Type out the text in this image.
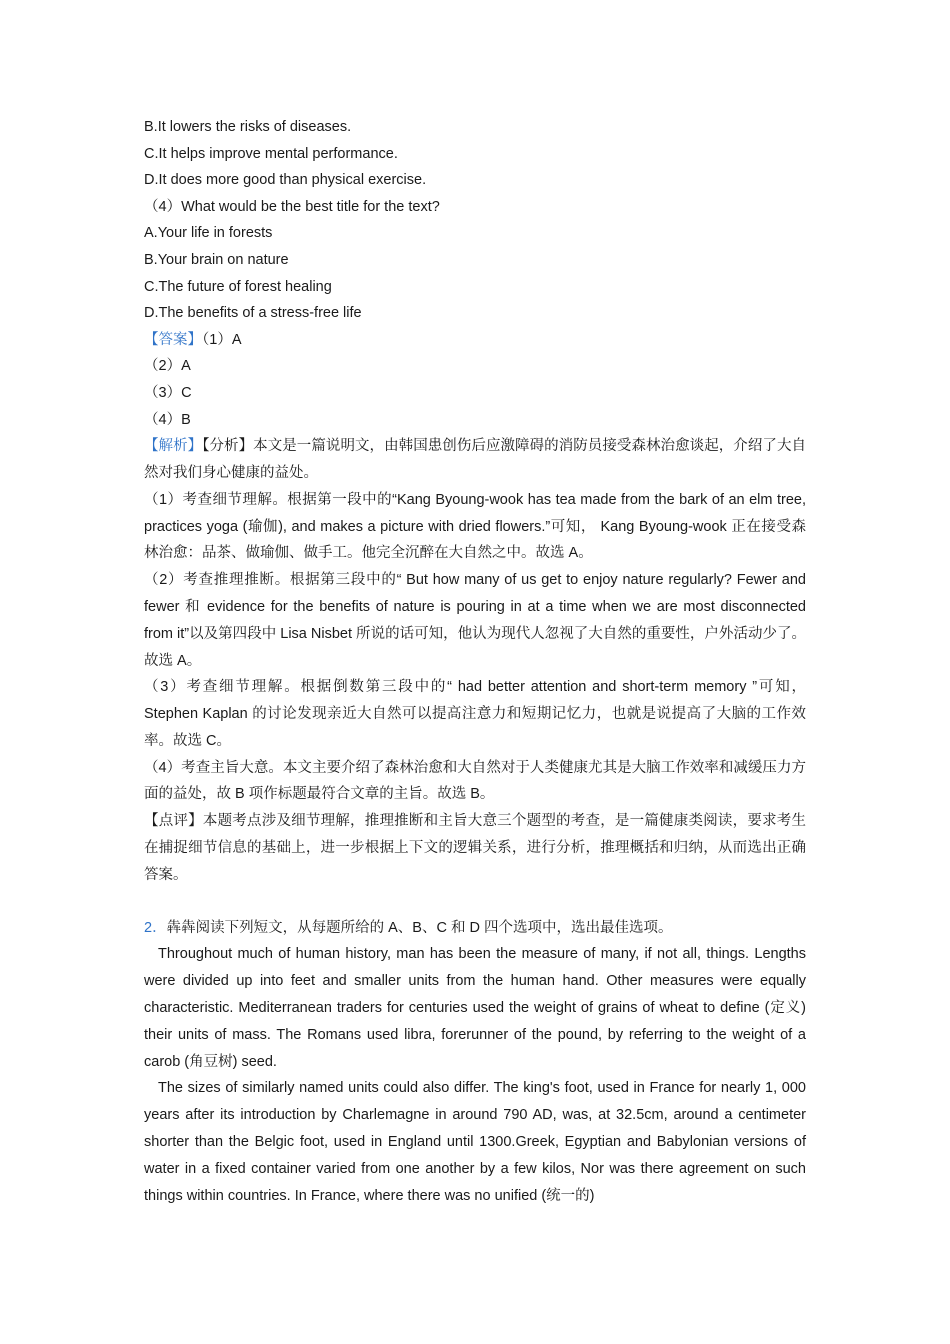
B.It lowers the risks of diseases.
C.It helps improve mental performance.
D.It does more good than physical exercise.
（4）What would be the best title for the text?
A.Your life in forests
B.Your brain on nature
C.The future of forest healing
D.The benefits of a stress-free life
【答案】（1）A
（2）A
（3）C
（4）B
【解析】【分析】本文是一篇说明文，由韩国患创伤后应激障碍的消防员接受森林治愈谈起，介绍了大自然对我们身心健康的益处。
（1）考查细节理解。根据第一段中的“Kang Byoung-wook has tea made from the bark of an elm tree, practices yoga (瑜伽), and makes a picture with dried flowers.”可知， Kang Byoung-wook 正在接受森林治愈：品茶、做瑜伽、做手工。他完全沉醉在大自然之中。故选 A。
（2）考查推理推断。根据第三段中的“ But how many of us get to enjoy nature regularly? Fewer and fewer 和 evidence for the benefits of nature is pouring in at a time when we are most disconnected from it”以及第四段中 Lisa Nisbet 所说的话可知，他认为现代人忽视了大自然的重要性，户外活动少了。故选 A。
（3）考查细节理解。根据倒数第三段中的“ had better attention and short-term memory ”可知，Stephen Kaplan 的讨论发现亲近大自然可以提高注意力和短期记忆力，也就是说提高了大脑的工作效率。故选 C。
（4）考查主旨大意。本文主要介绍了森林治愈和大自然对于人类健康尤其是大脑工作效率和减缓压力方面的益处，故 B 项作标题最符合文章的主旨。故选 B。
【点评】本题考点涉及细节理解，推理推断和主旨大意三个题型的考查，是一篇健康类阅读，要求考生在捕捉细节信息的基础上，进一步根据上下文的逻辑关系，进行分析，推理概括和归纳，从而选出正确答案。
2．犇犇阅读下列短文，从每题所给的 A、B、C 和 D 四个选项中，选出最佳选项。
Throughout much of human history, man has been the measure of many, if not all, things. Lengths were divided up into feet and smaller units from the human hand. Other measures were equally characteristic. Mediterranean traders for centuries used the weight of grains of wheat to define (定义) their units of mass. The Romans used libra, forerunner of the pound, by referring to the weight of a carob (角豆树) seed.
The sizes of similarly named units could also differ. The king's foot, used in France for nearly 1, 000 years after its introduction by Charlemagne in around 790 AD, was, at 32.5cm, around a centimeter shorter than the Belgic foot, used in England until 1300.Greek, Egyptian and Babylonian versions of water in a fixed container varied from one another by a few kilos, Nor was there agreement on such things within countries. In France, where there was no unified (统一的)
